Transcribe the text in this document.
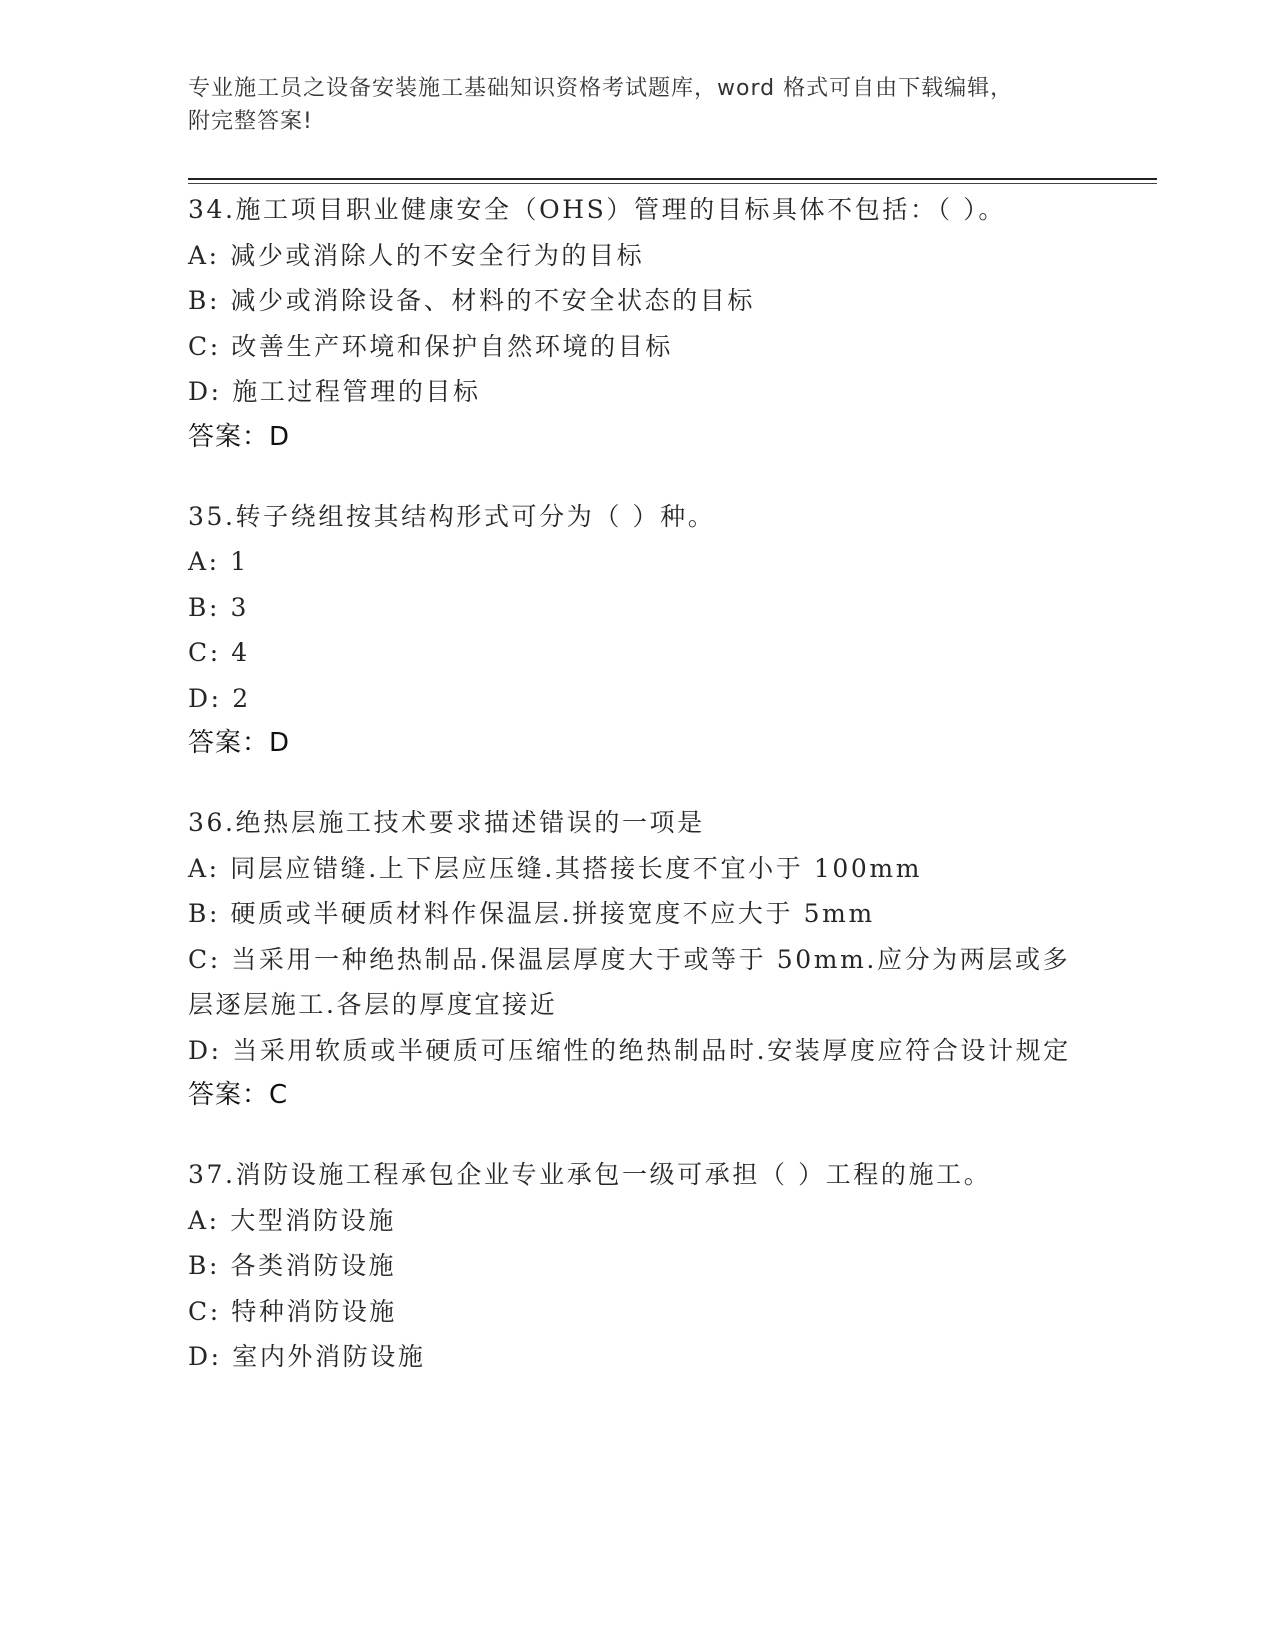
专业施工员之设备安装施工基础知识资格考试题库，word 格式可自由下载编辑，
附完整答案!
34.施工项目职业健康安全（OHS）管理的目标具体不包括：（ ）。
A: 减少或消除人的不安全行为的目标
B: 减少或消除设备、材料的不安全状态的目标
C: 改善生产环境和保护自然环境的目标
D: 施工过程管理的目标
答案：D
35.转子绕组按其结构形式可分为（ ）种。
A: 1
B: 3
C: 4
D: 2
答案：D
36.绝热层施工技术要求描述错误的一项是
A: 同层应错缝.上下层应压缝.其搭接长度不宜小于 100mm
B: 硬质或半硬质材料作保温层.拼接宽度不应大于 5mm
C: 当采用一种绝热制品.保温层厚度大于或等于 50mm.应分为两层或多层逐层施工.各层的厚度宜接近
D: 当采用软质或半硬质可压缩性的绝热制品时.安装厚度应符合设计规定
答案：C
37.消防设施工程承包企业专业承包一级可承担（ ）工程的施工。
A: 大型消防设施
B: 各类消防设施
C: 特种消防设施
D: 室内外消防设施
